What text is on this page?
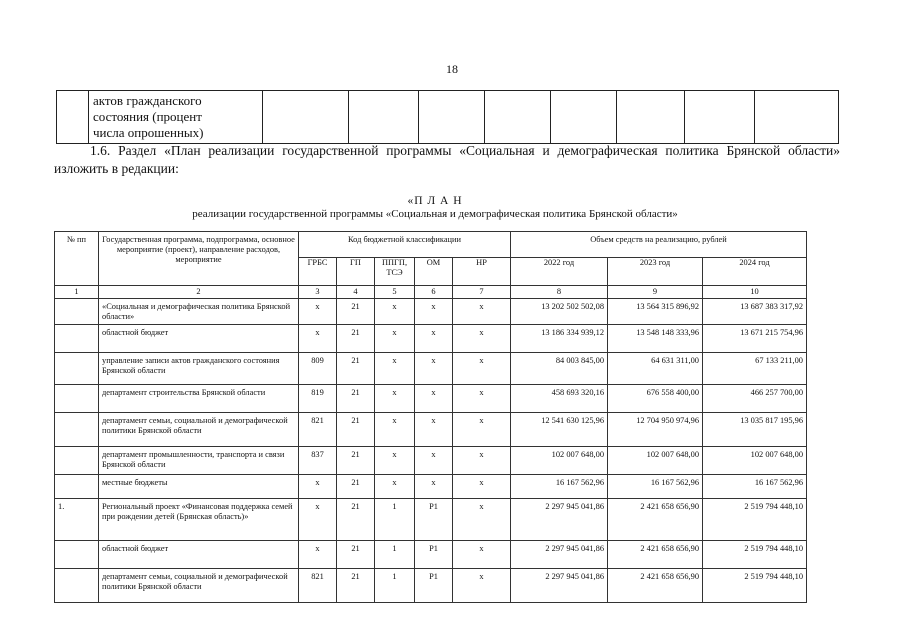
18

актов гражданского
состояния (процент
числа опрошенных)

1.6. Раздел «План реализации государственной программы «Социальная и демографическая политика Брянской области» изложить в редакции:

«П Л А Н
реализации государственной программы «Социальная и демографическая политика Брянской области»
№ пп	Государственная программа, подпрограмма, основное мероприятие (проект), направление расходов, мероприятие	Код бюджетной классификации					Объем средств на реализацию, рублей		
		ГРБС	ГП	ППГП, ТСЭ	ОМ	НР	2022 год	2023 год	2024 год
1	2	3	4	5	6	7	8	9	10
	«Социальная и демографическая политика Брянской области»	х	21	х	х	х	13 202 502 502,08	13 564 315 896,92	13 687 383 317,92
	областной бюджет	х	21	х	х	х	13 186 334 939,12	13 548 148 333,96	13 671 215 754,96
	управление записи актов гражданского состояния Брянской области	809	21	х	х	х	84 003 845,00	64 631 311,00	67 133 211,00
	департамент строительства Брянской области	819	21	х	х	х	458 693 320,16	676 558 400,00	466 257 700,00
	департамент семьи, социальной и демографической политики Брянской области	821	21	х	х	х	12 541 630 125,96	12 704 950 974,96	13 035 817 195,96
	департамент промышленности, транспорта и связи Брянской области	837	21	х	х	х	102 007 648,00	102 007 648,00	102 007 648,00
	местные бюджеты	х	21	х	х	х	16 167 562,96	16 167 562,96	16 167 562,96
1.	Региональный проект «Финансовая поддержка семей при рождении детей (Брянская область)»	х	21	1	Р1	х	2 297 945 041,86	2 421 658 656,90	2 519 794 448,10
	областной бюджет	х	21	1	Р1	х	2 297 945 041,86	2 421 658 656,90	2 519 794 448,10
	департамент семьи, социальной и демографической политики Брянской области	821	21	1	Р1	х	2 297 945 041,86	2 421 658 656,90	2 519 794 448,10
